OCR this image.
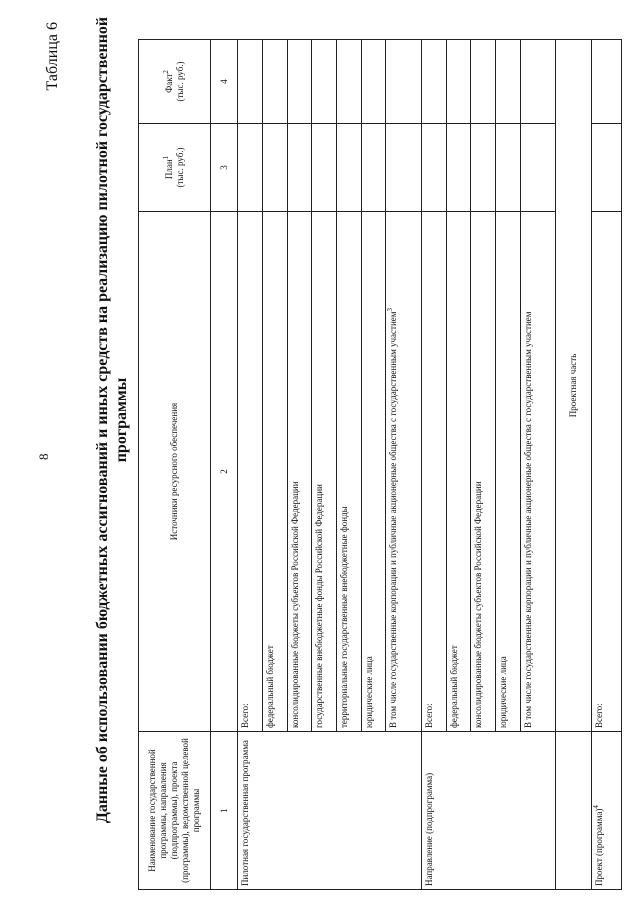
8
Таблица 6 Данные об использовании бюджетных ассигнований и иных средств на реализацию пилотной государственной программы
Наименование государственной программы, направления (подпрограммы), проекта (программы), ведомственной целевой программы	Источники ресурсного обеспечения	План$^1$ (тыс. руб.)	Факт$^2$ (тыс. руб.)
1	2	3	4
Пилотная государственная программа	Всего:		
	федеральный бюджет		
	консолидированные бюджеты субъектов Российской Федерации		
	государственные внебюджетные фонды Российской Федерации		
	территориальные государственные внебюджетные фонды		
	юридические лица		
	В том числе государственные корпорации и публичные акционерные общества с государственным участием$^3$		
Направление (подпрограмма)	Всего:		
	федеральный бюджет		
	консолидированные бюджеты субъектов Российской Федерации		
	юридические лица		
	В том числе государственные корпорации и публичные акционерные общества с государственным участием		
	Проектная часть		
Проект (программа)$^4$	Всего:		
